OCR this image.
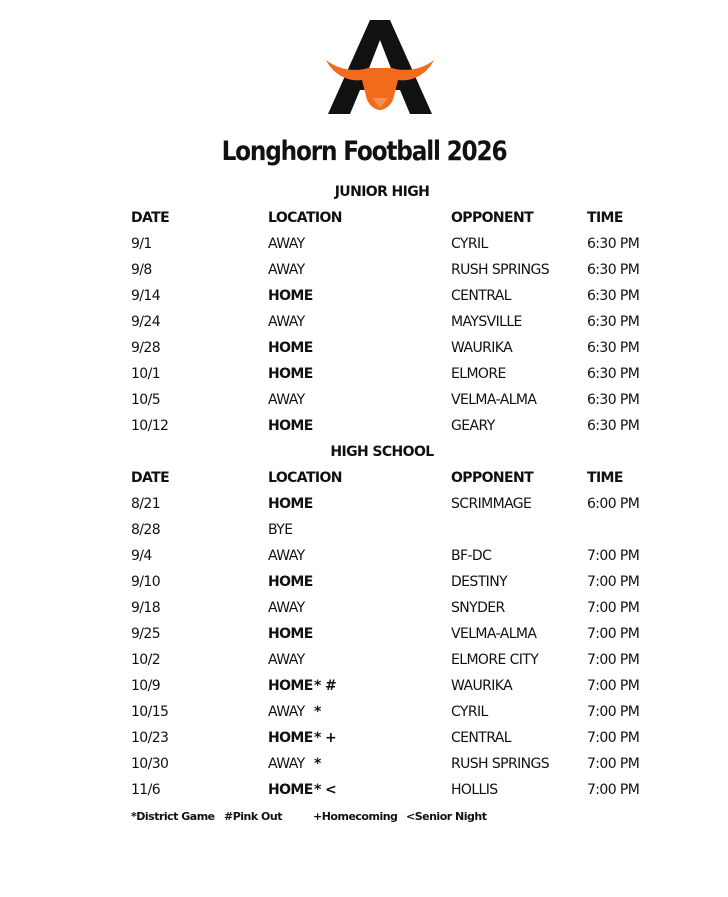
Longhorn Football 2026
JUNIOR HIGH
DATE	LOCATION	OPPONENT	TIME
9/1	AWAY	CYRIL	6:30 PM
9/8	AWAY	RUSH SPRINGS	6:30 PM
9/14	HOME	CENTRAL	6:30 PM
9/24	AWAY	MAYSVILLE	6:30 PM
9/28	HOME	WAURIKA	6:30 PM
10/1	HOME	ELMORE	6:30 PM
10/5	AWAY	VELMA-ALMA	6:30 PM
10/12	HOME	GEARY	6:30 PM
HIGH SCHOOL
DATE	LOCATION	OPPONENT	TIME
8/21	HOME	SCRIMMAGE	6:00 PM
8/28	BYE
9/4	AWAY	BF-DC	7:00 PM
9/10	HOME	DESTINY	7:00 PM
9/18	AWAY	SNYDER	7:00 PM
9/25	HOME	VELMA-ALMA	7:00 PM
10/2	AWAY	ELMORE CITY	7:00 PM
10/9	HOME * #	WAURIKA	7:00 PM
10/15	AWAY *	CYRIL	7:00 PM
10/23	HOME * +	CENTRAL	7:00 PM
10/30	AWAY *	RUSH SPRINGS	7:00 PM
11/6	HOME * <	HOLLIS	7:00 PM
*District Game #Pink Out	+Homecoming <Senior Night
